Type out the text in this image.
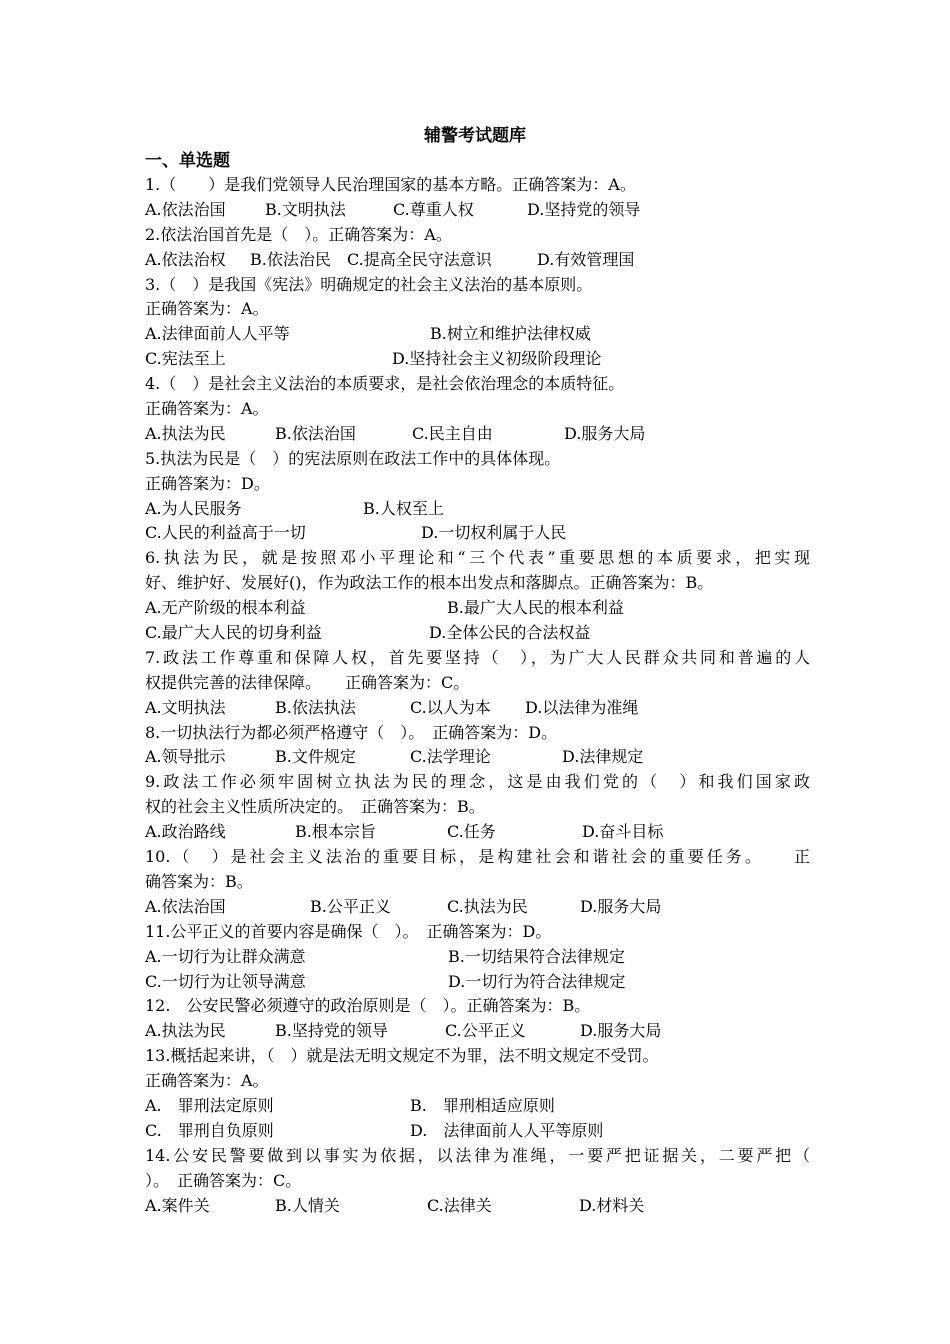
辅警考试题库
一、单选题
1.（　　）是我们党领导人民治理国家的基本方略。正确答案为：A。
A.依法治国 B.文明执法	C.尊重人权	D.坚持党的领导
2.依法治国首先是（　）。正确答案为：A。
A.依法治权 B.依法治民 C.提高全民守法意识	D.有效管理国
3.（　）是我国《宪法》明确规定的社会主义法治的基本原则。
正确答案为：A。
A.法律面前人人平等	B.树立和维护法律权威
C.宪法至上	D.坚持社会主义初级阶段理论
4.（　）是社会主义法治的本质要求，是社会依治理念的本质特征。
正确答案为：A。
A.执法为民	B.依法治国	C.民主自由	D.服务大局
5.执法为民是（　）的宪法原则在政法工作中的具体体现。
正确答案为：D。
A.为人民服务	B.人权至上
C.人民的利益高于一切	D.一切权利属于人民
6.执法为民，就是按照邓小平理论和“三个代表”重要思想的本质要求，把实现
好、维护好、发展好()，作为政法工作的根本出发点和落脚点。正确答案为：B。
A.无产阶级的根本利益	B.最广大人民的根本利益
C.最广大人民的切身利益	D.全体公民的合法权益
7.政法工作尊重和保障人权，首先要坚持（　），为广大人民群众共同和普遍的人
权提供完善的法律保障。　　正确答案为：C。
A.文明执法	B.依法执法	C.以人为本 D.以法律为准绳
8.一切执法行为都必须严格遵守（　）。　正确答案为：D。
A.领导批示	B.文件规定	C.法学理论	D.法律规定
9.政法工作必须牢固树立执法为民的理念，这是由我们党的（　）和我们国家政
权的社会主义性质所决定的。　正确答案为：B。
A.政治路线	B.根本宗旨	C.任务	D.奋斗目标
10.（　）是社会主义法治的重要目标，是构建社会和谐社会的重要任务。　　正
确答案为：B。
A.依法治国	B.公平正义	C.执法为民	D.服务大局
11.公平正义的首要内容是确保（　）。　正确答案为：D。
A.一切行为让群众满意	B.一切结果符合法律规定
C.一切行为让领导满意	D.一切行为符合法律规定
12.　公安民警必须遵守的政治原则是（　）。正确答案为：B。
A.执法为民	B.坚持党的领导	C.公平正义	D.服务大局
13.概括起来讲，（　）就是法无明文规定不为罪，法不明文规定不受罚。
正确答案为：A。
A.　罪刑法定原则	B.　罪刑相适应原则
C.　罪刑自负原则	D.　法律面前人人平等原则
14.公安民警要做到以事实为依据，以法律为准绳，一要严把证据关，二要严把（
）。　正确答案为：C。
A.案件关	B.人情关	C.法律关	D.材料关
